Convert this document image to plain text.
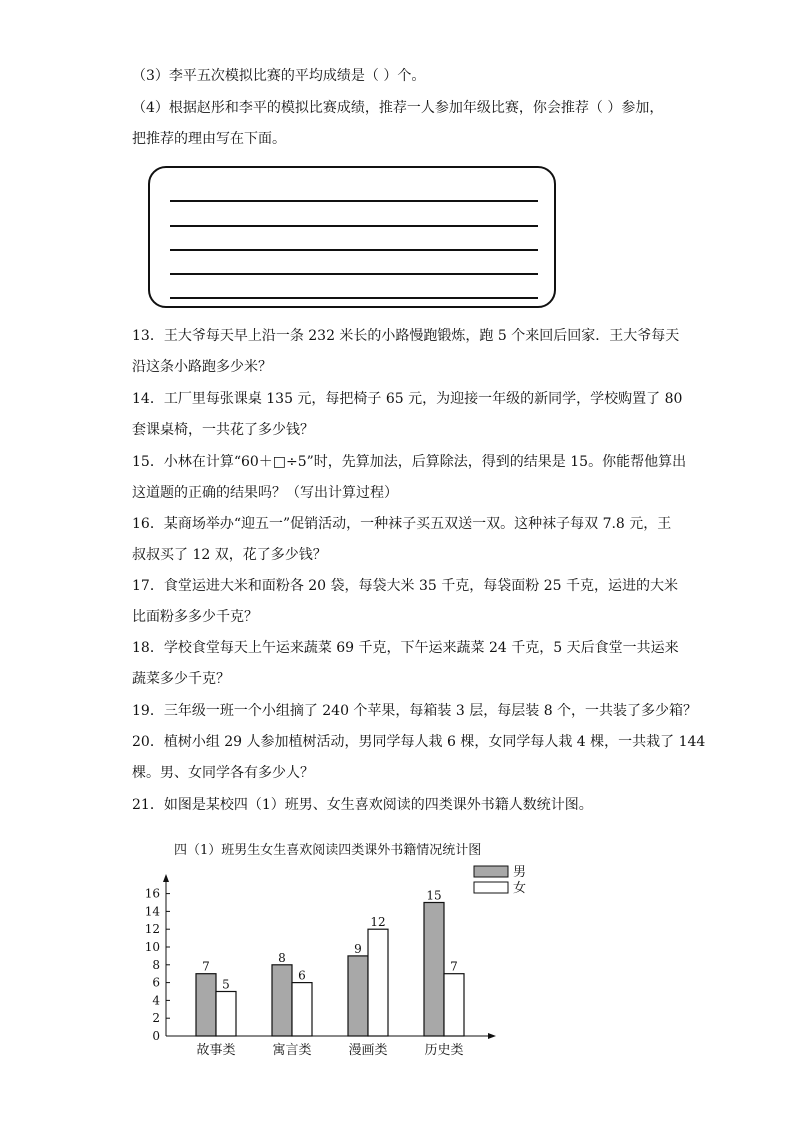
（3）李平五次模拟比赛的平均成绩是（ ）个。
（4）根据赵彤和李平的模拟比赛成绩，推荐一人参加年级比赛，你会推荐（ ）参加，
把推荐的理由写在下面。
13．王大爷每天早上沿一条 232 米长的小路慢跑锻炼，跑 5 个来回后回家．王大爷每天
沿这条小路跑多少米？
14．工厂里每张课桌 135 元，每把椅子 65 元，为迎接一年级的新同学，学校购置了 80
套课桌椅，一共花了多少钱？
15．小林在计算“60＋□÷5”时，先算加法，后算除法，得到的结果是 15。你能帮他算出
这道题的正确的结果吗？（写出计算过程）
16．某商场举办“迎五一”促销活动，一种袜子买五双送一双。这种袜子每双 7.8 元，王
叔叔买了 12 双，花了多少钱？
17．食堂运进大米和面粉各 20 袋，每袋大米 35 千克，每袋面粉 25 千克，运进的大米
比面粉多多少千克？
18．学校食堂每天上午运来蔬菜 69 千克，下午运来蔬菜 24 千克，5 天后食堂一共运来
蔬菜多少千克？
19．三年级一班一个小组摘了 240 个苹果，每箱装 3 层，每层装 8 个，一共装了多少箱？
20．植树小组 29 人参加植树活动，男同学每人栽 6 棵，女同学每人栽 4 棵，一共栽了 144
棵。男、女同学各有多少人？
21．如图是某校四（1）班男、女生喜欢阅读的四类课外书籍人数统计图。
四（1）班男生女生喜欢阅读四类课外书籍情况统计图
0
2
4
6
8
10
12
14
16
7
5
故事类
8
6
寓言类
9
12
漫画类
15
7
历史类
男
女
